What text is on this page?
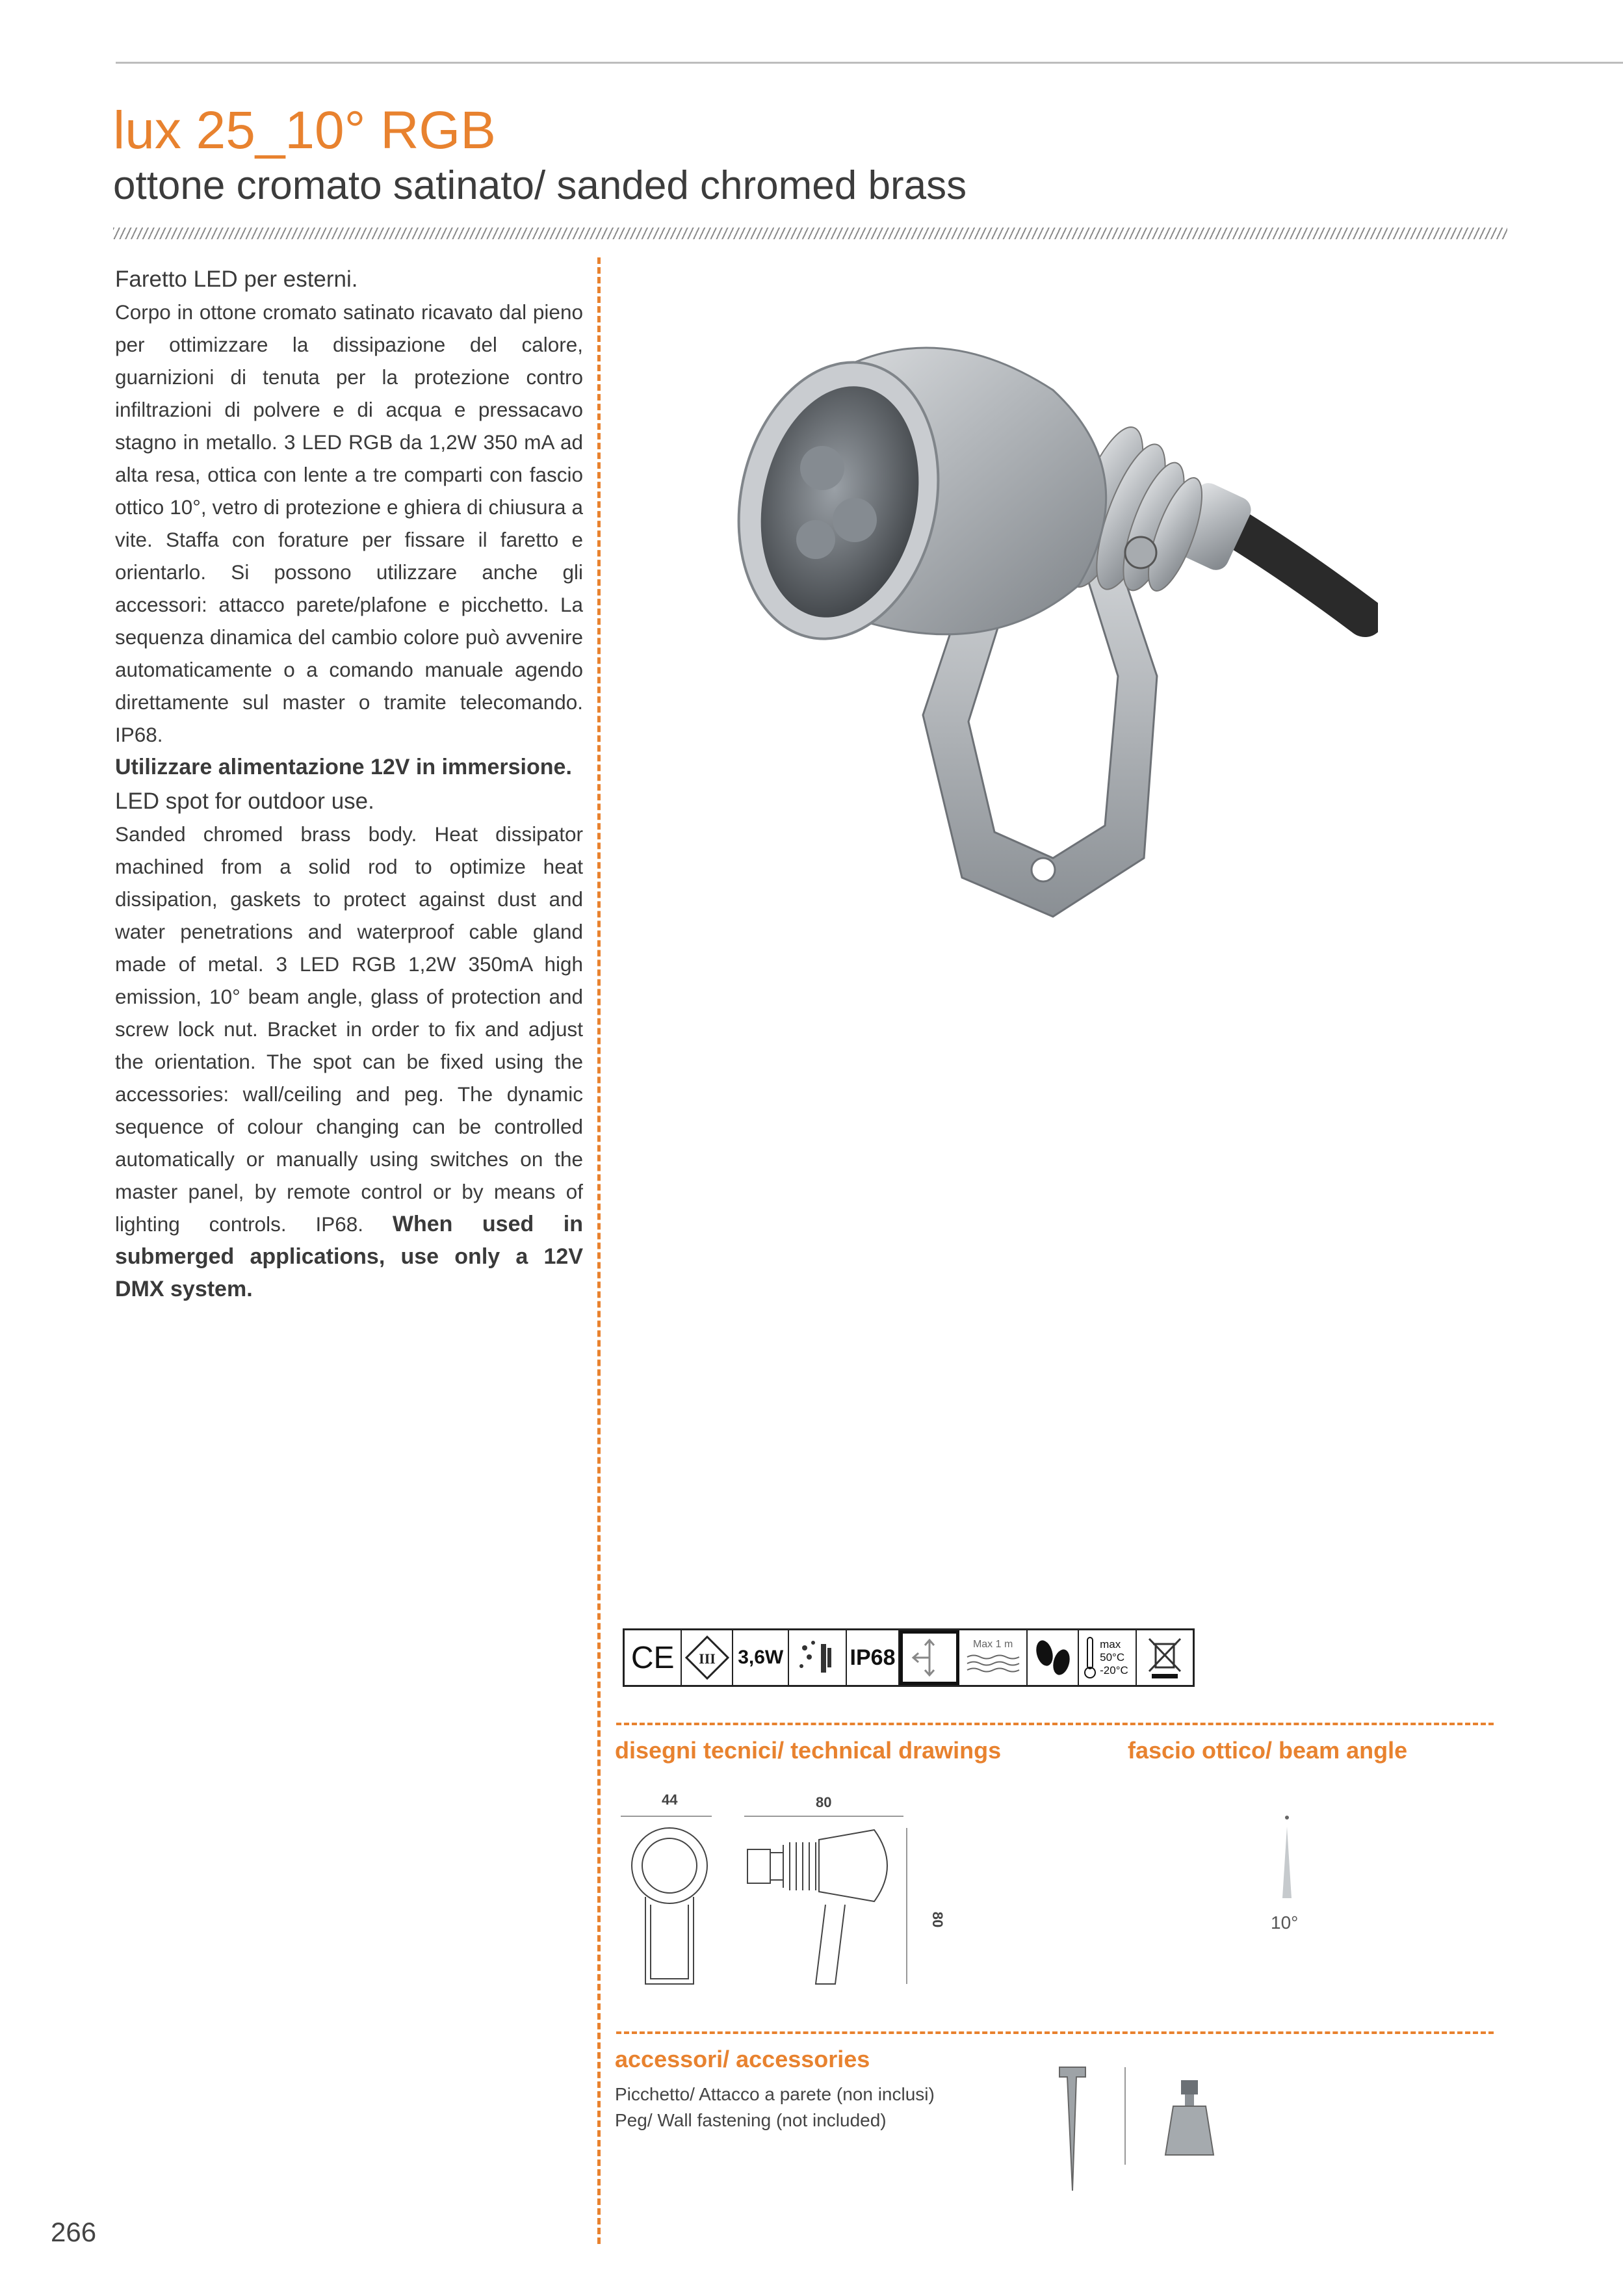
lux 25_10° RGB
ottone cromato satinato/ sanded chromed brass

Faretto LED per esterni.

Corpo in ottone cromato satinato ricavato dal pieno per ottimizzare la dissipazione del calore, guarnizioni di tenuta per la protezione contro infiltrazioni di polvere e di acqua e pressacavo stagno in metallo. 3 LED RGB da 1,2W 350 mA ad alta resa, ottica con lente a tre comparti con fascio ottico 10°, vetro di protezione e ghiera di chiusura a vite. Staffa con forature per fissare il faretto e orientarlo. Si possono utilizzare anche gli accessori: attacco parete/plafone e picchetto. La sequenza dinamica del cambio colore può avvenire automaticamente o a comando manuale agendo direttamente sul master o tramite telecomando. IP68.

Utilizzare alimentazione 12V in immersione.

LED spot for outdoor use.

Sanded chromed brass body. Heat dissipator machined from a solid rod to optimize heat dissipation, gaskets to protect against dust and water penetrations and waterproof cable gland made of metal. 3 LED RGB 1,2W 350mA high emission, 10° beam angle, glass of protection and screw lock nut. Bracket in order to fix and adjust the orientation. The spot can be fixed using the accessories: wall/ceiling and peg. The dynamic sequence of colour changing can be controlled automatically or manually using switches on the master panel, by remote control or by means of lighting controls. IP68. When used in submerged applications, use only a 12V DMX system.

CE	III 3,6W	IP68
Max 1 m	max
50°C
-20°C
disegni tecnici/ technical drawings	fascio ottico/ beam angle
44	80
80	10°
accessori/ accessories
Picchetto/ Attacco a parete (non inclusi)
Peg/ Wall fastening (not included)
266
